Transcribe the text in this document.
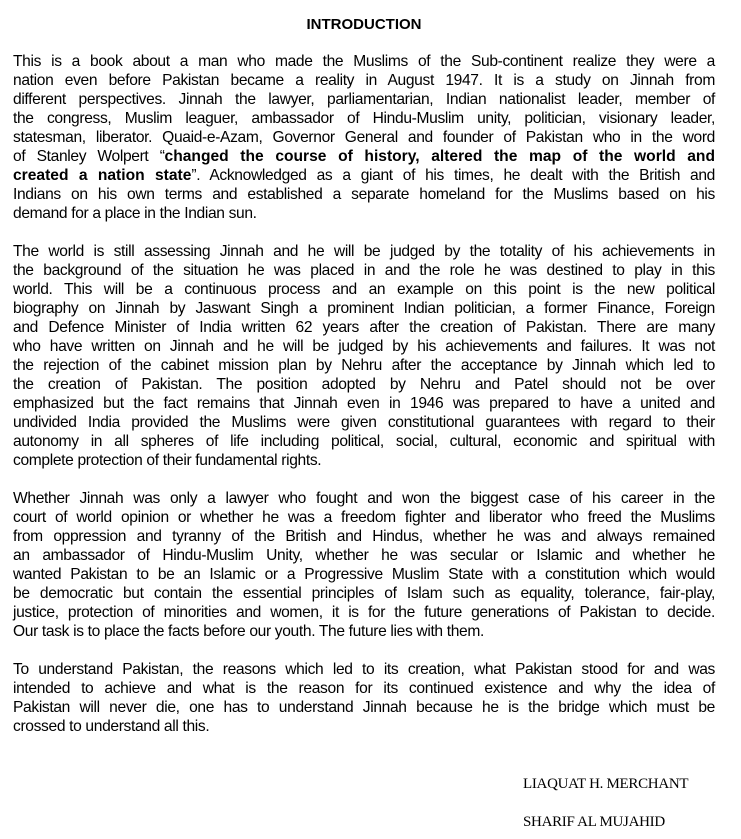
INTRODUCTION
This is a book about a man who made the Muslims of the Sub-continent realize they were a
nation even before Pakistan became a reality in August 1947. It is a study on Jinnah from
different perspectives. Jinnah the lawyer, parliamentarian, Indian nationalist leader, member of
the congress, Muslim leaguer, ambassador of Hindu-Muslim unity, politician, visionary leader,
statesman, liberator. Quaid-e-Azam, Governor General and founder of Pakistan who in the word
of Stanley Wolpert “changed the course of history, altered the map of the world and
created a nation state”. Acknowledged as a giant of his times, he dealt with the British and
Indians on his own terms and established a separate homeland for the Muslims based on his
demand for a place in the Indian sun.
The world is still assessing Jinnah and he will be judged by the totality of his achievements in
the background of the situation he was placed in and the role he was destined to play in this
world. This will be a continuous process and an example on this point is the new political
biography on Jinnah by Jaswant Singh a prominent Indian politician, a former Finance, Foreign
and Defence Minister of India written 62 years after the creation of Pakistan. There are many
who have written on Jinnah and he will be judged by his achievements and failures. It was not
the rejection of the cabinet mission plan by Nehru after the acceptance by Jinnah which led to
the creation of Pakistan. The position adopted by Nehru and Patel should not be over
emphasized but the fact remains that Jinnah even in 1946 was prepared to have a united and
undivided India provided the Muslims were given constitutional guarantees with regard to their
autonomy in all spheres of life including political, social, cultural, economic and spiritual with
complete protection of their fundamental rights.
Whether Jinnah was only a lawyer who fought and won the biggest case of his career in the
court of world opinion or whether he was a freedom fighter and liberator who freed the Muslims
from oppression and tyranny of the British and Hindus, whether he was and always remained
an ambassador of Hindu-Muslim Unity, whether he was secular or Islamic and whether he
wanted Pakistan to be an Islamic or a Progressive Muslim State with a constitution which would
be democratic but contain the essential principles of Islam such as equality, tolerance, fair-play,
justice, protection of minorities and women, it is for the future generations of Pakistan to decide.
Our task is to place the facts before our youth. The future lies with them.
To understand Pakistan, the reasons which led to its creation, what Pakistan stood for and was
intended to achieve and what is the reason for its continued existence and why the idea of
Pakistan will never die, one has to understand Jinnah because he is the bridge which must be
crossed to understand all this.
LIAQUAT H. MERCHANT
SHARIF AL MUJAHID
